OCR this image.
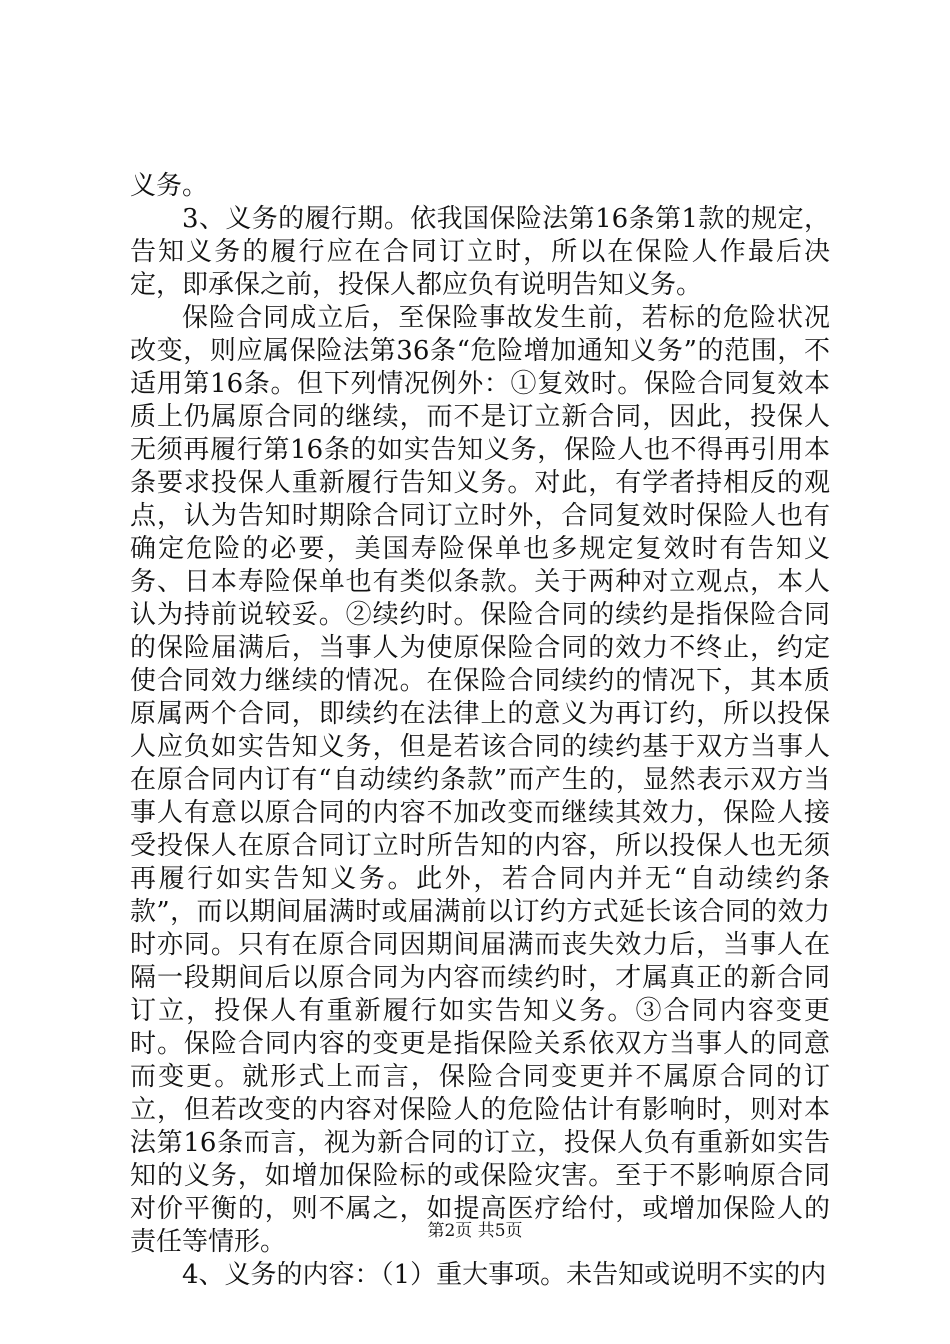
义务。

3、义务的履行期。依我国保险法第16条第1款的规定，告知义务的履行应在合同订立时，所以在保险人作最后决定，即承保之前，投保人都应负有说明告知义务。

保险合同成立后，至保险事故发生前，若标的危险状况改变，则应属保险法第36条“危险增加通知义务”的范围，不适用第16条。但下列情况例外：①复效时。保险合同复效本质上仍属原合同的继续，而不是订立新合同，因此，投保人无须再履行第16条的如实告知义务，保险人也不得再引用本条要求投保人重新履行告知义务。对此，有学者持相反的观点，认为告知时期除合同订立时外，合同复效时保险人也有确定危险的必要，美国寿险保单也多规定复效时有告知义务、日本寿险保单也有类似条款。关于两种对立观点，本人认为持前说较妥。②续约时。保险合同的续约是指保险合同的保险届满后，当事人为使原保险合同的效力不终止，约定使合同效力继续的情况。在保险合同续约的情况下，其本质原属两个合同，即续约在法律上的意义为再订约，所以投保人应负如实告知义务，但是若该合同的续约基于双方当事人在原合同内订有“自动续约条款”而产生的，显然表示双方当事人有意以原合同的内容不加改变而继续其效力，保险人接受投保人在原合同订立时所告知的内容，所以投保人也无须再履行如实告知义务。此外，若合同内并无“自动续约条款”，而以期间届满时或届满前以订约方式延长该合同的效力时亦同。只有在原合同因期间届满而丧失效力后，当事人在隔一段期间后以原合同为内容而续约时，才属真正的新合同订立，投保人有重新履行如实告知义务。③合同内容变更时。保险合同内容的变更是指保险关系依双方当事人的同意而变更。就形式上而言，保险合同变更并不属原合同的订立，但若改变的内容对保险人的危险估计有影响时，则对本法第16条而言，视为新合同的订立，投保人负有重新如实告知的义务，如增加保险标的或保险灾害。至于不影响原合同对价平衡的，则不属之，如提高医疗给付，或增加保险人的责任等情形。

4、义务的内容：（1）重大事项。未告知或说明不实的内

第2页 共5页
